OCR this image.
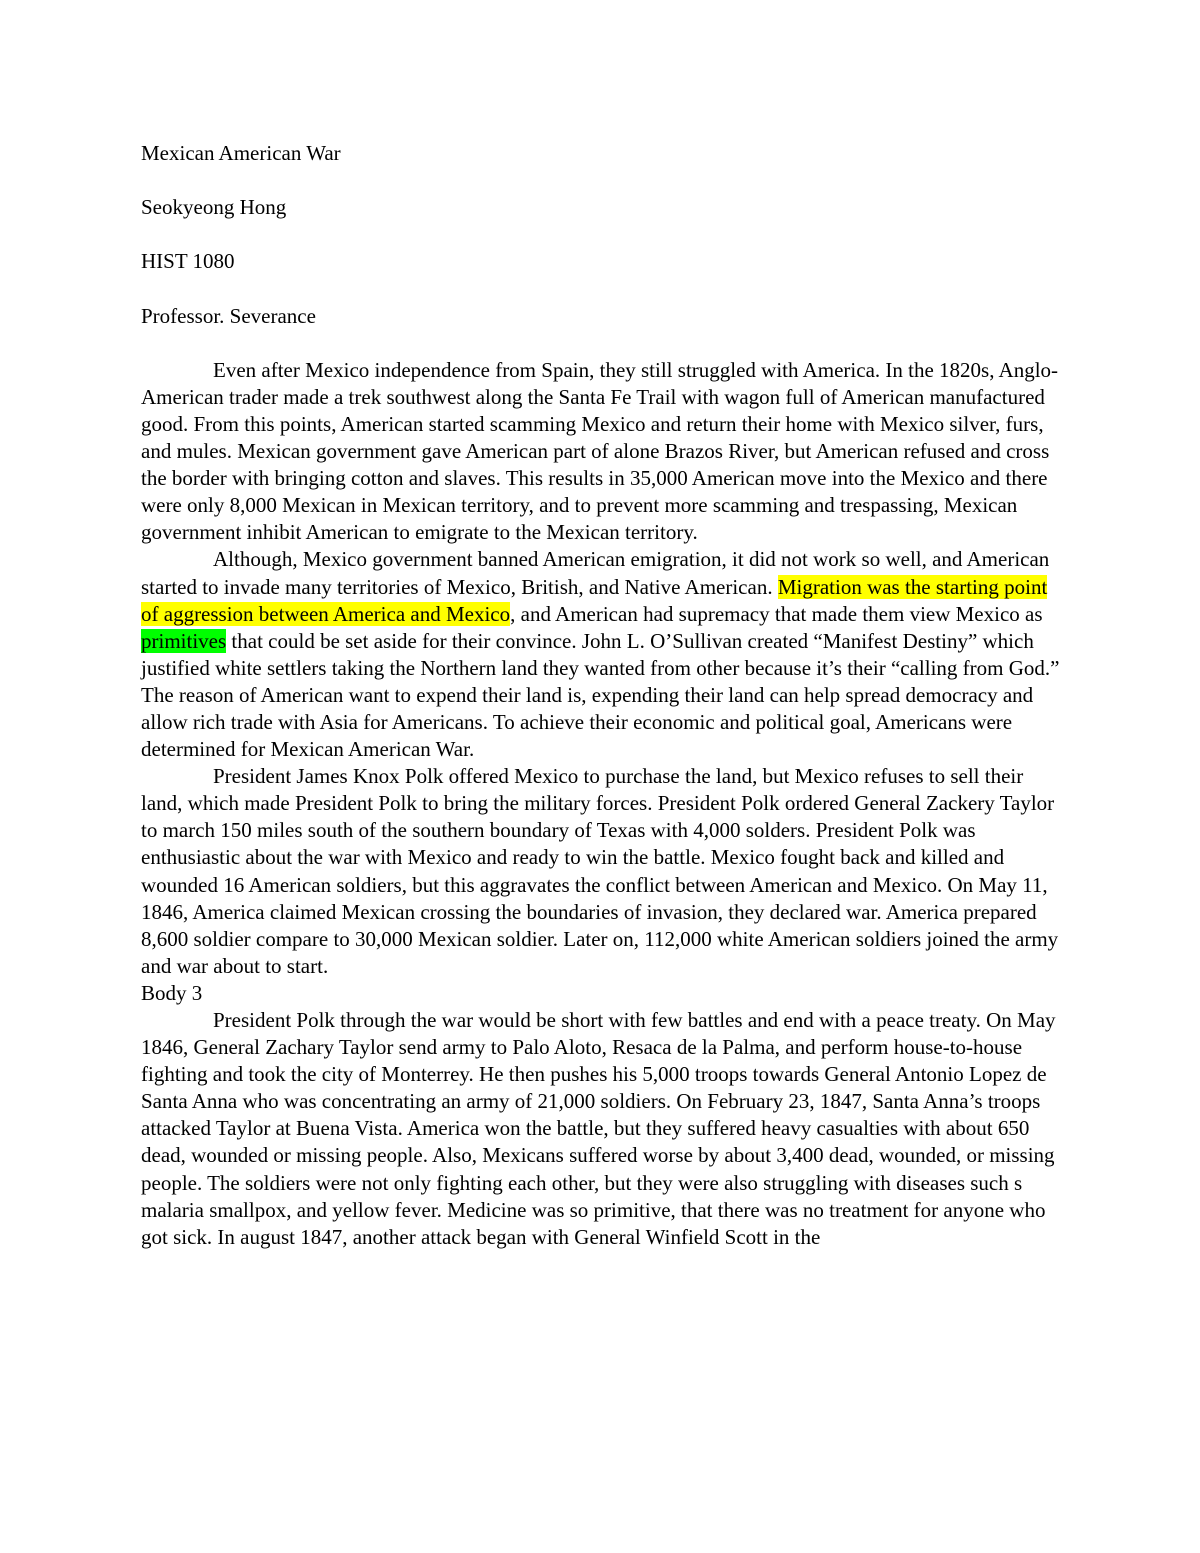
Mexican American War

Seokyeong Hong

HIST 1080

Professor. Severance

Even after Mexico independence from Spain, they still struggled with America. In the 1820s, Anglo-American trader made a trek southwest along the Santa Fe Trail with wagon full of American manufactured good. From this points, American started scamming Mexico and return their home with Mexico silver, furs, and mules. Mexican government gave American part of alone Brazos River, but American refused and cross the border with bringing cotton and slaves. This results in 35,000 American move into the Mexico and there were only 8,000 Mexican in Mexican territory, and to prevent more scamming and trespassing, Mexican government inhibit American to emigrate to the Mexican territory.

Although, Mexico government banned American emigration, it did not work so well, and American started to invade many territories of Mexico, British, and Native American. Migration was the starting point of aggression between America and Mexico, and American had supremacy that made them view Mexico as primitives that could be set aside for their convince. John L. O’Sullivan created “Manifest Destiny” which justified white settlers taking the Northern land they wanted from other because it’s their “calling from God.” The reason of American want to expend their land is, expending their land can help spread democracy and allow rich trade with Asia for Americans. To achieve their economic and political goal, Americans were determined for Mexican American War.

President James Knox Polk offered Mexico to purchase the land, but Mexico refuses to sell their land, which made President Polk to bring the military forces. President Polk ordered General Zackery Taylor to march 150 miles south of the southern boundary of Texas with 4,000 solders. President Polk was enthusiastic about the war with Mexico and ready to win the battle. Mexico fought back and killed and wounded 16 American soldiers, but this aggravates the conflict between American and Mexico. On May 11, 1846, America claimed Mexican crossing the boundaries of invasion, they declared war. America prepared 8,600 soldier compare to 30,000 Mexican soldier. Later on, 112,000 white American soldiers joined the army and war about to start.

Body 3

President Polk through the war would be short with few battles and end with a peace treaty. On May 1846, General Zachary Taylor send army to Palo Aloto, Resaca de la Palma, and perform house-to-house fighting and took the city of Monterrey. He then pushes his 5,000 troops towards General Antonio Lopez de Santa Anna who was concentrating an army of 21,000 soldiers. On February 23, 1847, Santa Anna’s troops attacked Taylor at Buena Vista. America won the battle, but they suffered heavy casualties with about 650 dead, wounded or missing people. Also, Mexicans suffered worse by about 3,400 dead, wounded, or missing people. The soldiers were not only fighting each other, but they were also struggling with diseases such s malaria smallpox, and yellow fever. Medicine was so primitive, that there was no treatment for anyone who got sick. In august 1847, another attack began with General Winfield Scott in the
